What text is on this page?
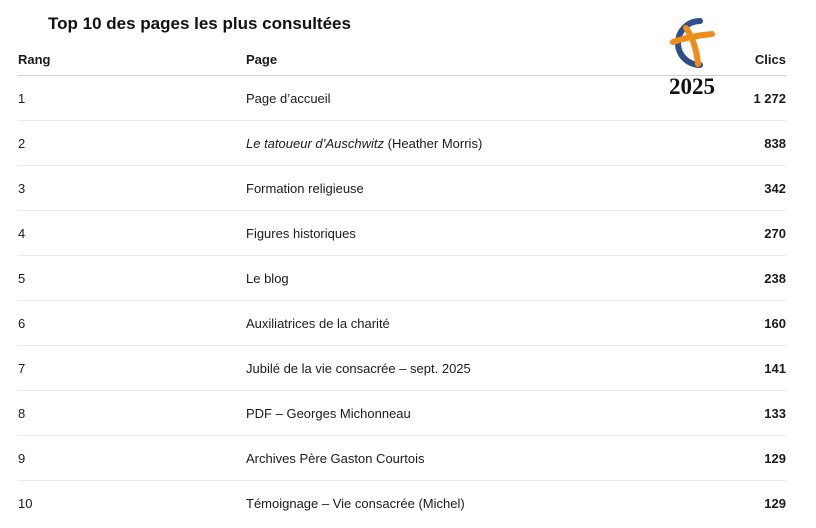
Top 10 des pages les plus consultées
2025
Rang	Page	Clics
1	Page d’accueil	1 272
2	Le tatoueur d’Auschwitz (Heather Morris)	838
3	Formation religieuse	342
4	Figures historiques	270
5	Le blog	238
6	Auxiliatrices de la charité	160
7	Jubilé de la vie consacrée – sept. 2025	141
8	PDF – Georges Michonneau	133
9	Archives Père Gaston Courtois	129
10	Témoignage – Vie consacrée (Michel)	129
